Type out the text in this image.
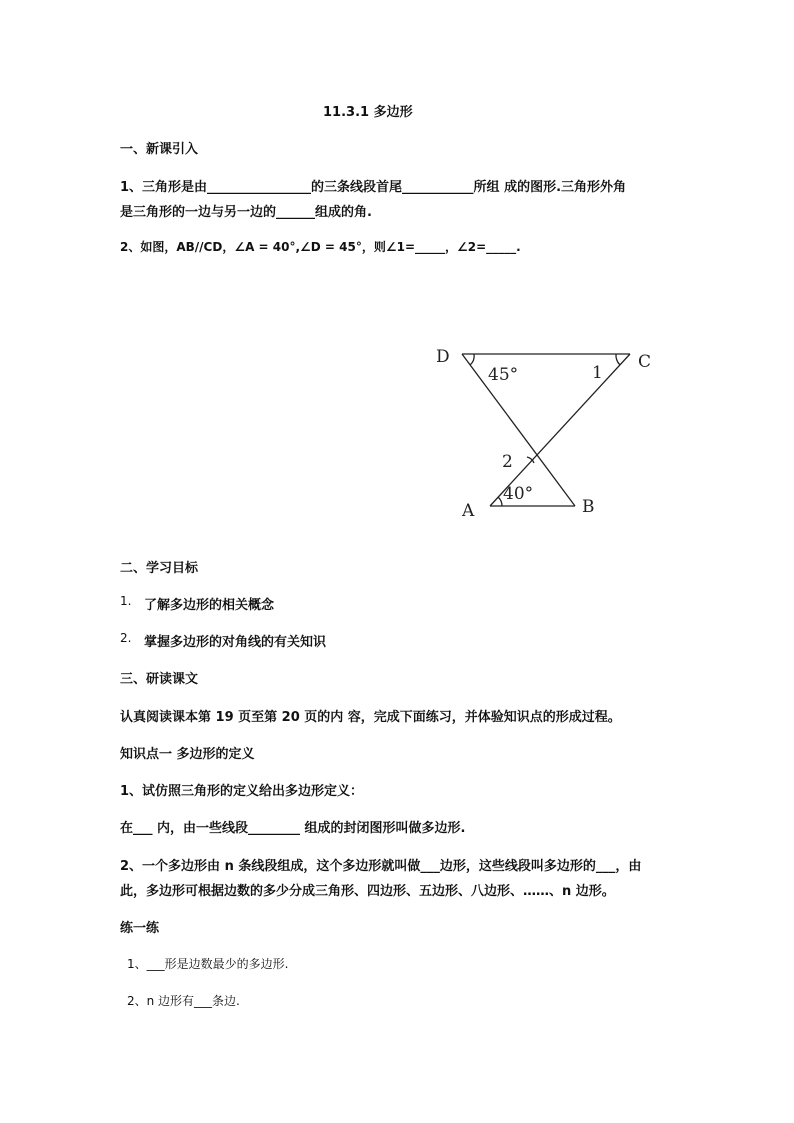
11.3.1 多边形
一、新课引入
1、三角形是由________________的三条线段首尾___________所组 成的图形.三角形外角
是三角形的一边与另一边的______组成的角.
2、如图，AB//CD，∠A = 40°,∠D = 45°，则∠1=_____，∠2=_____.
D	C
A	B
45°	1
2
40°
二、学习目标
1. 了解多边形的相关概念
2. 掌握多边形的对角线的有关知识
三、研读课文
认真阅读课本第 19 页至第 20 页的内 容，完成下面练习，并体验知识点的形成过程。
知识点一 多边形的定义
1、试仿照三角形的定义给出多边形定义：
在___ 内，由一些线段________ 组成的封闭图形叫做多边形.
2、一个多边形由 n 条线段组成，这个多边形就叫做___边形，这些线段叫多边形的___，由
此，多边形可根据边数的多少分成三角形、四边形、五边形、八边形、……、n 边形。
练一练
1、___形是边数最少的多边形.
2、n 边形有___条边.
